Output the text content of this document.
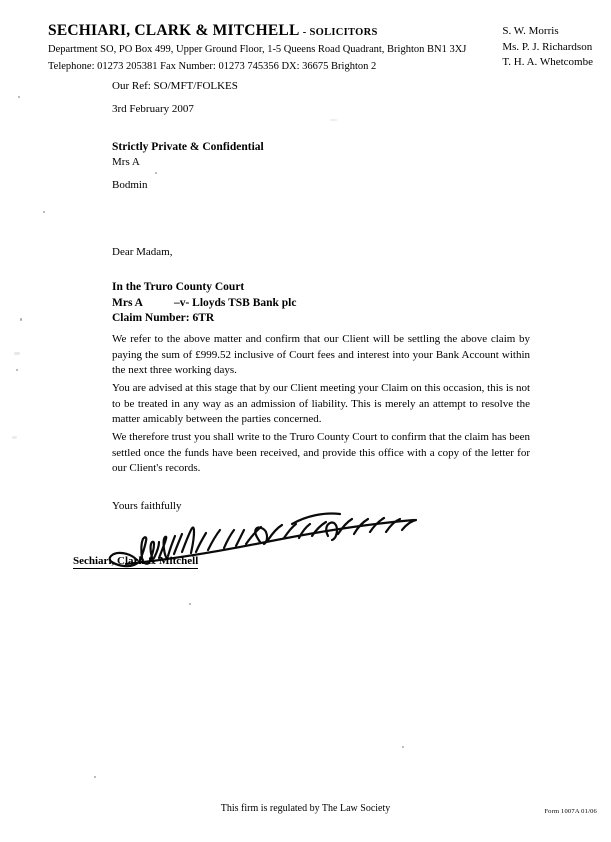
SECHIARI, CLARK & MITCHELL - SOLICITORS
Department SO, PO Box 499, Upper Ground Floor, 1-5 Queens Road Quadrant, Brighton BN1 3XJ
Telephone: 01273 205381 Fax Number: 01273 745356 DX: 36675 Brighton 2
S. W. Morris
Ms. P. J. Richardson
T. H. A. Whetcombe
Our Ref: SO/MFT/FOLKES
3rd February 2007
Strictly Private & Confidential
Mrs A
Bodmin
Dear Madam,
In the Truro County Court
Mrs A           –v- Lloyds TSB Bank plc
Claim Number: 6TR
We refer to the above matter and confirm that our Client will be settling the above claim by paying the sum of £999.52 inclusive of Court fees and interest into your Bank Account within the next three working days.
You are advised at this stage that by our Client meeting your Claim on this occasion, this is not to be treated in any way as an admission of liability. This is merely an attempt to resolve the matter amicably between the parties concerned.
We therefore trust you shall write to the Truro County Court to confirm that the claim has been settled once the funds have been received, and provide this office with a copy of the letter for our Client's records.
Yours faithfully
Sechiari, Clark & Mitchell
This firm is regulated by The Law Society	Form 1007A 01/06
